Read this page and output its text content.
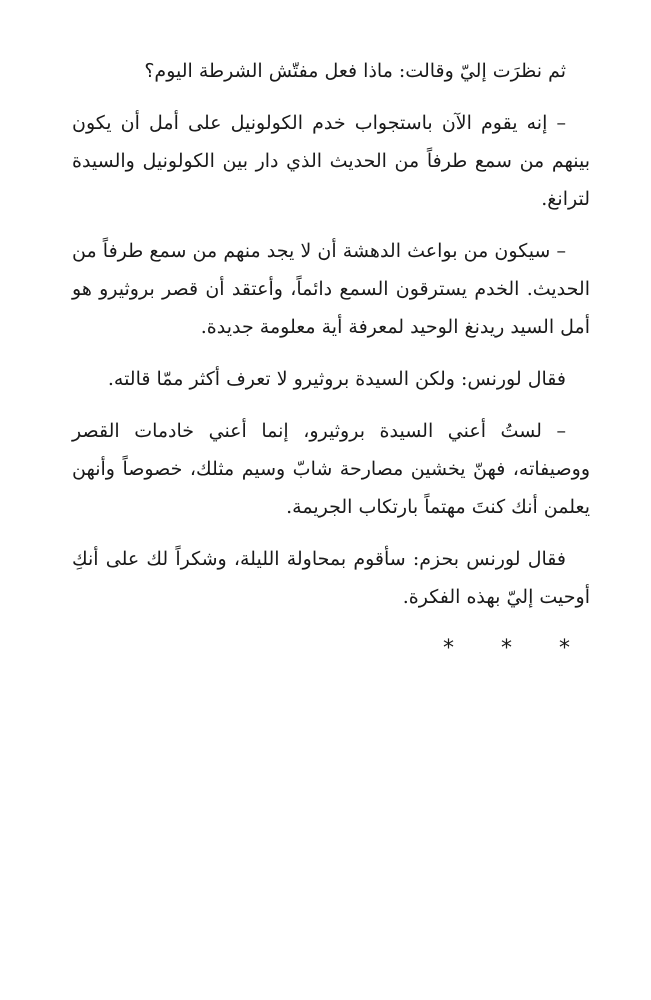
ثم نظرَت إليّ وقالت: ماذا فعل مفتّش الشرطة اليوم؟

– إنه يقوم الآن باستجواب خدم الكولونيل على أمل أن يكون بينهم من سمع طرفاً من الحديث الذي دار بين الكولونيل والسيدة لترانغ.

– سيكون من بواعث الدهشة أن لا يجد منهم من سمع طرفاً من الحديث. الخدم يسترقون السمع دائماً، وأعتقد أن قصر بروثيرو هو أمل السيد ريدنغ الوحيد لمعرفة أية معلومة جديدة.

فقال لورنس: ولكن السيدة بروثيرو لا تعرف أكثر ممّا قالته.

– لستُ أعني السيدة بروثيرو، إنما أعني خادمات القصر ووصيفاته، فهنّ يخشين مصارحة شابّ وسيم مثلك، خصوصاً وأنهن يعلمن أنك كنتَ مهتماً بارتكاب الجريمة.

فقال لورنس بحزم: سأقوم بمحاولة الليلة، وشكراً لك على أنكِ أوحيت إليّ بهذه الفكرة.

* * *
